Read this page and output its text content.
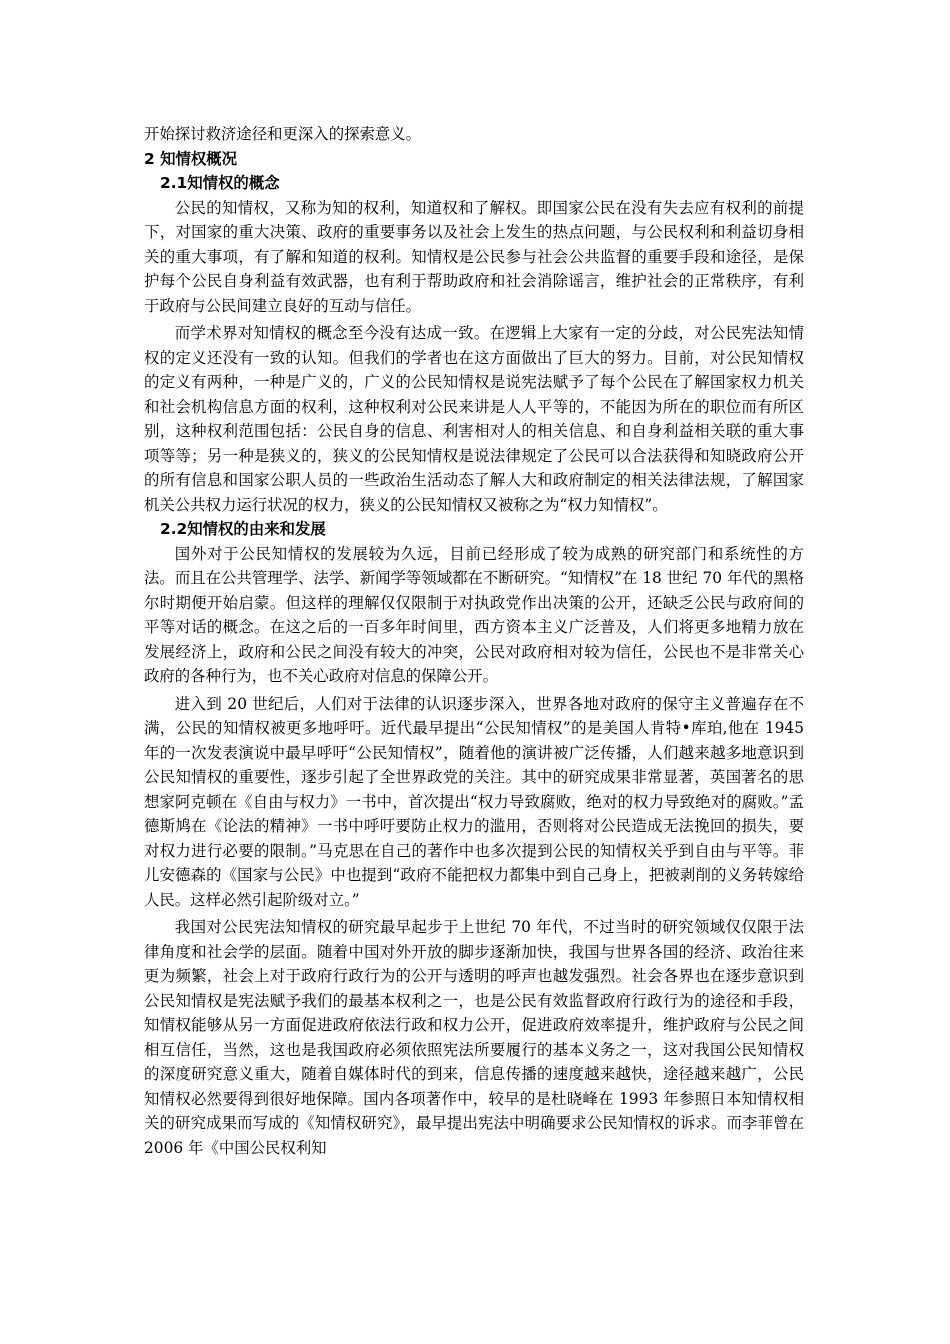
开始探讨救济途径和更深入的探索意义。

2 知情权概况

2.1知情权的概念

公民的知情权，又称为知的权利，知道权和了解权。即国家公民在没有失去应有权利的前提下，对国家的重大决策、政府的重要事务以及社会上发生的热点问题，与公民权利和利益切身相关的重大事项，有了解和知道的权利。知情权是公民参与社会公共监督的重要手段和途径，是保护每个公民自身利益有效武器，也有利于帮助政府和社会消除谣言，维护社会的正常秩序，有利于政府与公民间建立良好的互动与信任。

而学术界对知情权的概念至今没有达成一致。在逻辑上大家有一定的分歧，对公民宪法知情权的定义还没有一致的认知。但我们的学者也在这方面做出了巨大的努力。目前，对公民知情权的定义有两种，一种是广义的，广义的公民知情权是说宪法赋予了每个公民在了解国家权力机关和社会机构信息方面的权利，这种权利对公民来讲是人人平等的，不能因为所在的职位而有所区别，这种权利范围包括：公民自身的信息、利害相对人的相关信息、和自身利益相关联的重大事项等等；另一种是狭义的，狭义的公民知情权是说法律规定了公民可以合法获得和知晓政府公开的所有信息和国家公职人员的一些政治生活动态了解人大和政府制定的相关法律法规，了解国家机关公共权力运行状况的权力，狭义的公民知情权又被称之为“权力知情权”。

2.2知情权的由来和发展

国外对于公民知情权的发展较为久远，目前已经形成了较为成熟的研究部门和系统性的方法。而且在公共管理学、法学、新闻学等领域都在不断研究。“知情权”在 18 世纪 70 年代的黑格尔时期便开始启蒙。但这样的理解仅仅限制于对执政党作出决策的公开，还缺乏公民与政府间的平等对话的概念。在这之后的一百多年时间里，西方资本主义广泛普及，人们将更多地精力放在发展经济上，政府和公民之间没有较大的冲突，公民对政府相对较为信任，公民也不是非常关心政府的各种行为，也不关心政府对信息的保障公开。

进入到 20 世纪后，人们对于法律的认识逐步深入，世界各地对政府的保守主义普遍存在不满，公民的知情权被更多地呼吁。近代最早提出“公民知情权”的是美国人肯特•库珀,他在 1945 年的一次发表演说中最早呼吁“公民知情权”，随着他的演讲被广泛传播，人们越来越多地意识到公民知情权的重要性，逐步引起了全世界政党的关注。其中的研究成果非常显著，英国著名的思想家阿克顿在《自由与权力》一书中，首次提出“权力导致腐败，绝对的权力导致绝对的腐败。”孟德斯鸠在《论法的精神》一书中呼吁要防止权力的滥用，否则将对公民造成无法挽回的损失，要对权力进行必要的限制。”马克思在自己的著作中也多次提到公民的知情权关乎到自由与平等。菲儿安德森的《国家与公民》中也提到“政府不能把权力都集中到自己身上，把被剥削的义务转嫁给人民。这样必然引起阶级对立。”

我国对公民宪法知情权的研究最早起步于上世纪 70 年代，不过当时的研究领域仅仅限于法律角度和社会学的层面。随着中国对外开放的脚步逐渐加快，我国与世界各国的经济、政治往来更为频繁，社会上对于政府行政行为的公开与透明的呼声也越发强烈。社会各界也在逐步意识到公民知情权是宪法赋予我们的最基本权利之一，也是公民有效监督政府行政行为的途径和手段，知情权能够从另一方面促进政府依法行政和权力公开，促进政府效率提升，维护政府与公民之间相互信任，当然，这也是我国政府必须依照宪法所要履行的基本义务之一，这对我国公民知情权的深度研究意义重大，随着自媒体时代的到来，信息传播的速度越来越快，途径越来越广，公民知情权必然要得到很好地保障。国内各项著作中，较早的是杜晓峰在 1993 年参照日本知情权相关的研究成果而写成的《知情权研究》，最早提出宪法中明确要求公民知情权的诉求。而李菲曾在 2006 年《中国公民权利知
